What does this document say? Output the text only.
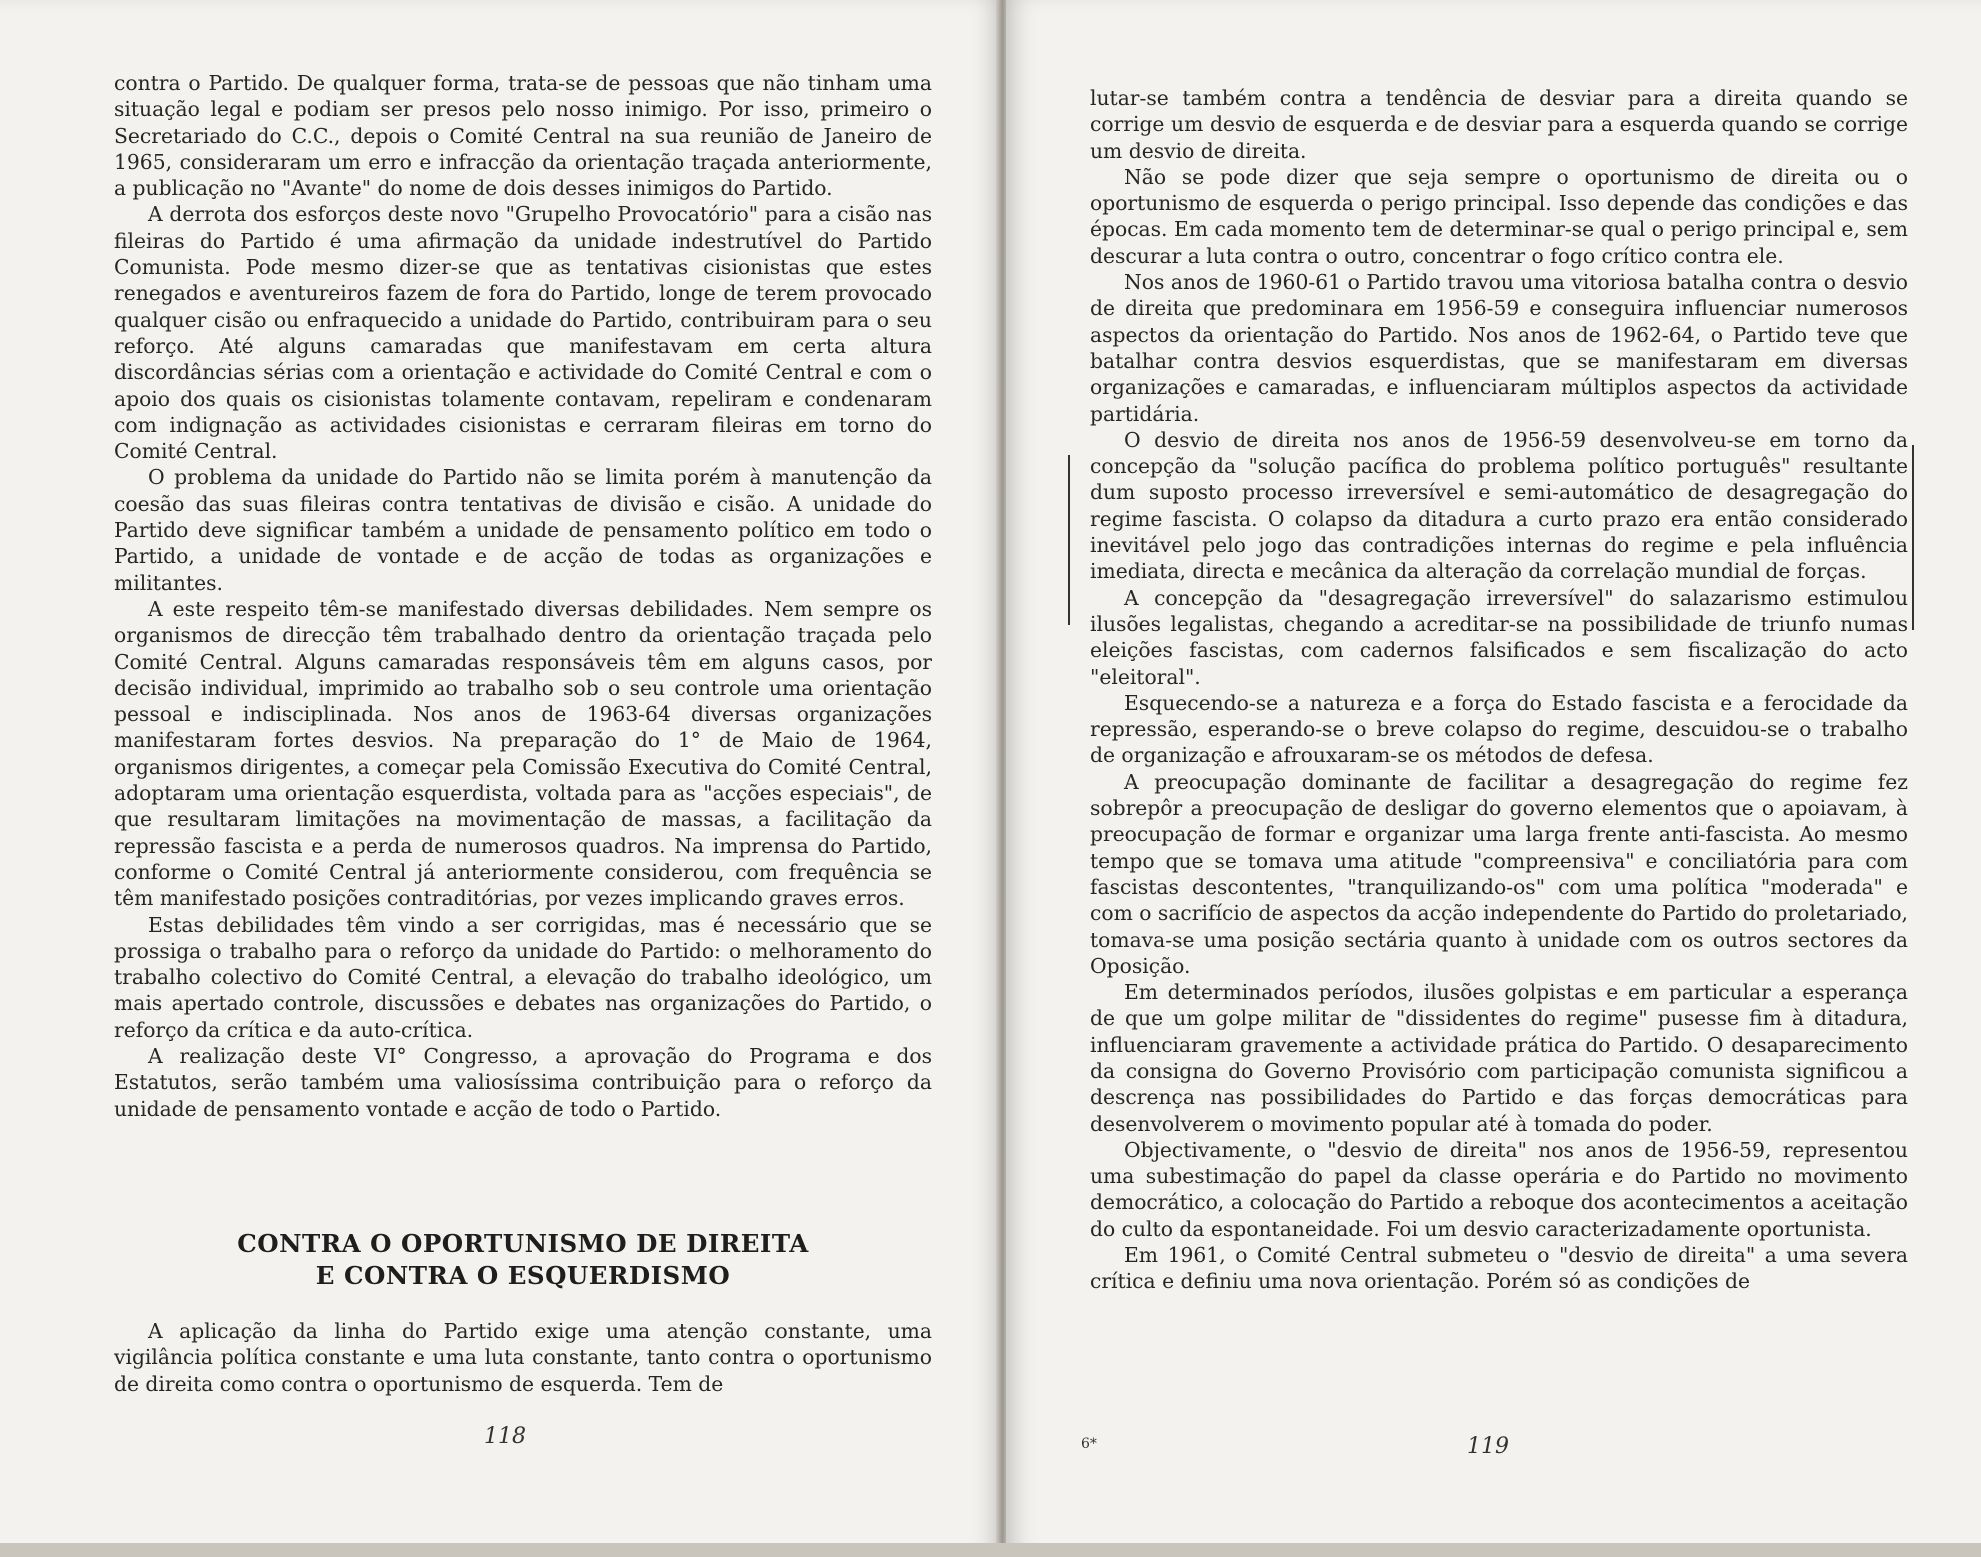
contra o Partido. De qualquer forma, trata-se de pessoas que não tinham uma situação legal e podiam ser presos pelo nosso inimigo. Por isso, primeiro o Secretariado do C.C., depois o Comité Central na sua reunião de Janeiro de 1965, consideraram um erro e infracção da orientação traçada anteriormente, a publicação no "Avante" do nome de dois desses inimigos do Partido.

A derrota dos esforços deste novo "Grupelho Provocatório" para a cisão nas fileiras do Partido é uma afirmação da unidade indestrutível do Partido Comunista. Pode mesmo dizer-se que as tentativas cisionistas que estes renegados e aventureiros fazem de fora do Partido, longe de terem provocado qualquer cisão ou enfraquecido a unidade do Partido, contribuiram para o seu reforço. Até alguns camaradas que manifestavam em certa altura discordâncias sérias com a orientação e actividade do Comité Central e com o apoio dos quais os cisionistas tolamente contavam, repeliram e condenaram com indignação as actividades cisionistas e cerraram fileiras em torno do Comité Central.

O problema da unidade do Partido não se limita porém à manutenção da coesão das suas fileiras contra tentativas de divisão e cisão. A unidade do Partido deve significar também a unidade de pensamento político em todo o Partido, a unidade de vontade e de acção de todas as organizações e militantes.

A este respeito têm-se manifestado diversas debilidades. Nem sempre os organismos de direcção têm trabalhado dentro da orientação traçada pelo Comité Central. Alguns camaradas responsáveis têm em alguns casos, por decisão individual, imprimido ao trabalho sob o seu controle uma orientação pessoal e indisciplinada. Nos anos de 1963-64 diversas organizações manifestaram fortes desvios. Na preparação do 1° de Maio de 1964, organismos dirigentes, a começar pela Comissão Executiva do Comité Central, adoptaram uma orientação esquerdista, voltada para as "acções especiais", de que resultaram limitações na movimentação de massas, a facilitação da repressão fascista e a perda de numerosos quadros. Na imprensa do Partido, conforme o Comité Central já anteriormente considerou, com frequência se têm manifestado posições contraditórias, por vezes implicando graves erros.

Estas debilidades têm vindo a ser corrigidas, mas é necessário que se prossiga o trabalho para o reforço da unidade do Partido: o melhoramento do trabalho colectivo do Comité Central, a elevação do trabalho ideológico, um mais apertado controle, discussões e debates nas organizações do Partido, o reforço da crítica e da auto-crítica.

A realização deste VI° Congresso, a aprovação do Programa e dos Estatutos, serão também uma valiosíssima contribuição para o reforço da unidade de pensamento vontade e acção de todo o Partido.

CONTRA O OPORTUNISMO DE DIREITA
E CONTRA O ESQUERDISMO

A aplicação da linha do Partido exige uma atenção constante, uma vigilância política constante e uma luta constante, tanto contra o oportunismo de direita como contra o oportunismo de esquerda. Tem de

118

lutar-se também contra a tendência de desviar para a direita quando se corrige um desvio de esquerda e de desviar para a esquerda quando se corrige um desvio de direita.

Não se pode dizer que seja sempre o oportunismo de direita ou o oportunismo de esquerda o perigo principal. Isso depende das condições e das épocas. Em cada momento tem de determinar-se qual o perigo principal e, sem descurar a luta contra o outro, concentrar o fogo crítico contra ele.

Nos anos de 1960-61 o Partido travou uma vitoriosa batalha contra o desvio de direita que predominara em 1956-59 e conseguira influenciar numerosos aspectos da orientação do Partido. Nos anos de 1962-64, o Partido teve que batalhar contra desvios esquerdistas, que se manifestaram em diversas organizações e camaradas, e influenciaram múltiplos aspectos da actividade partidária.

O desvio de direita nos anos de 1956-59 desenvolveu-se em torno da concepção da "solução pacífica do problema político português" resultante dum suposto processo irreversível e semi-automático de desagregação do regime fascista. O colapso da ditadura a curto prazo era então considerado inevitável pelo jogo das contradições internas do regime e pela influência imediata, directa e mecânica da alteração da correlação mundial de forças.

A concepção da "desagregação irreversível" do salazarismo estimulou ilusões legalistas, chegando a acreditar-se na possibilidade de triunfo numas eleições fascistas, com cadernos falsificados e sem fiscalização do acto "eleitoral".

Esquecendo-se a natureza e a força do Estado fascista e a ferocidade da repressão, esperando-se o breve colapso do regime, descuidou-se o trabalho de organização e afrouxaram-se os métodos de defesa.

A preocupação dominante de facilitar a desagregação do regime fez sobrepôr a preocupação de desligar do governo elementos que o apoiavam, à preocupação de formar e organizar uma larga frente anti-fascista. Ao mesmo tempo que se tomava uma atitude "compreensiva" e conciliatória para com fascistas descontentes, "tranquilizando-os" com uma política "moderada" e com o sacrifício de aspectos da acção independente do Partido do proletariado, tomava-se uma posição sectária quanto à unidade com os outros sectores da Oposição.

Em determinados períodos, ilusões golpistas e em particular a esperança de que um golpe militar de "dissidentes do regime" pusesse fim à ditadura, influenciaram gravemente a actividade prática do Partido. O desaparecimento da consigna do Governo Provisório com participação comunista significou a descrença nas possibilidades do Partido e das forças democráticas para desenvolverem o movimento popular até à tomada do poder.

Objectivamente, o "desvio de direita" nos anos de 1956-59, representou uma subestimação do papel da classe operária e do Partido no movimento democrático, a colocação do Partido a reboque dos acontecimentos a aceitação do culto da espontaneidade. Foi um desvio caracterizadamente oportunista.

Em 1961, o Comité Central submeteu o "desvio de direita" a uma severa crítica e definiu uma nova orientação. Porém só as condições de

6*	119
